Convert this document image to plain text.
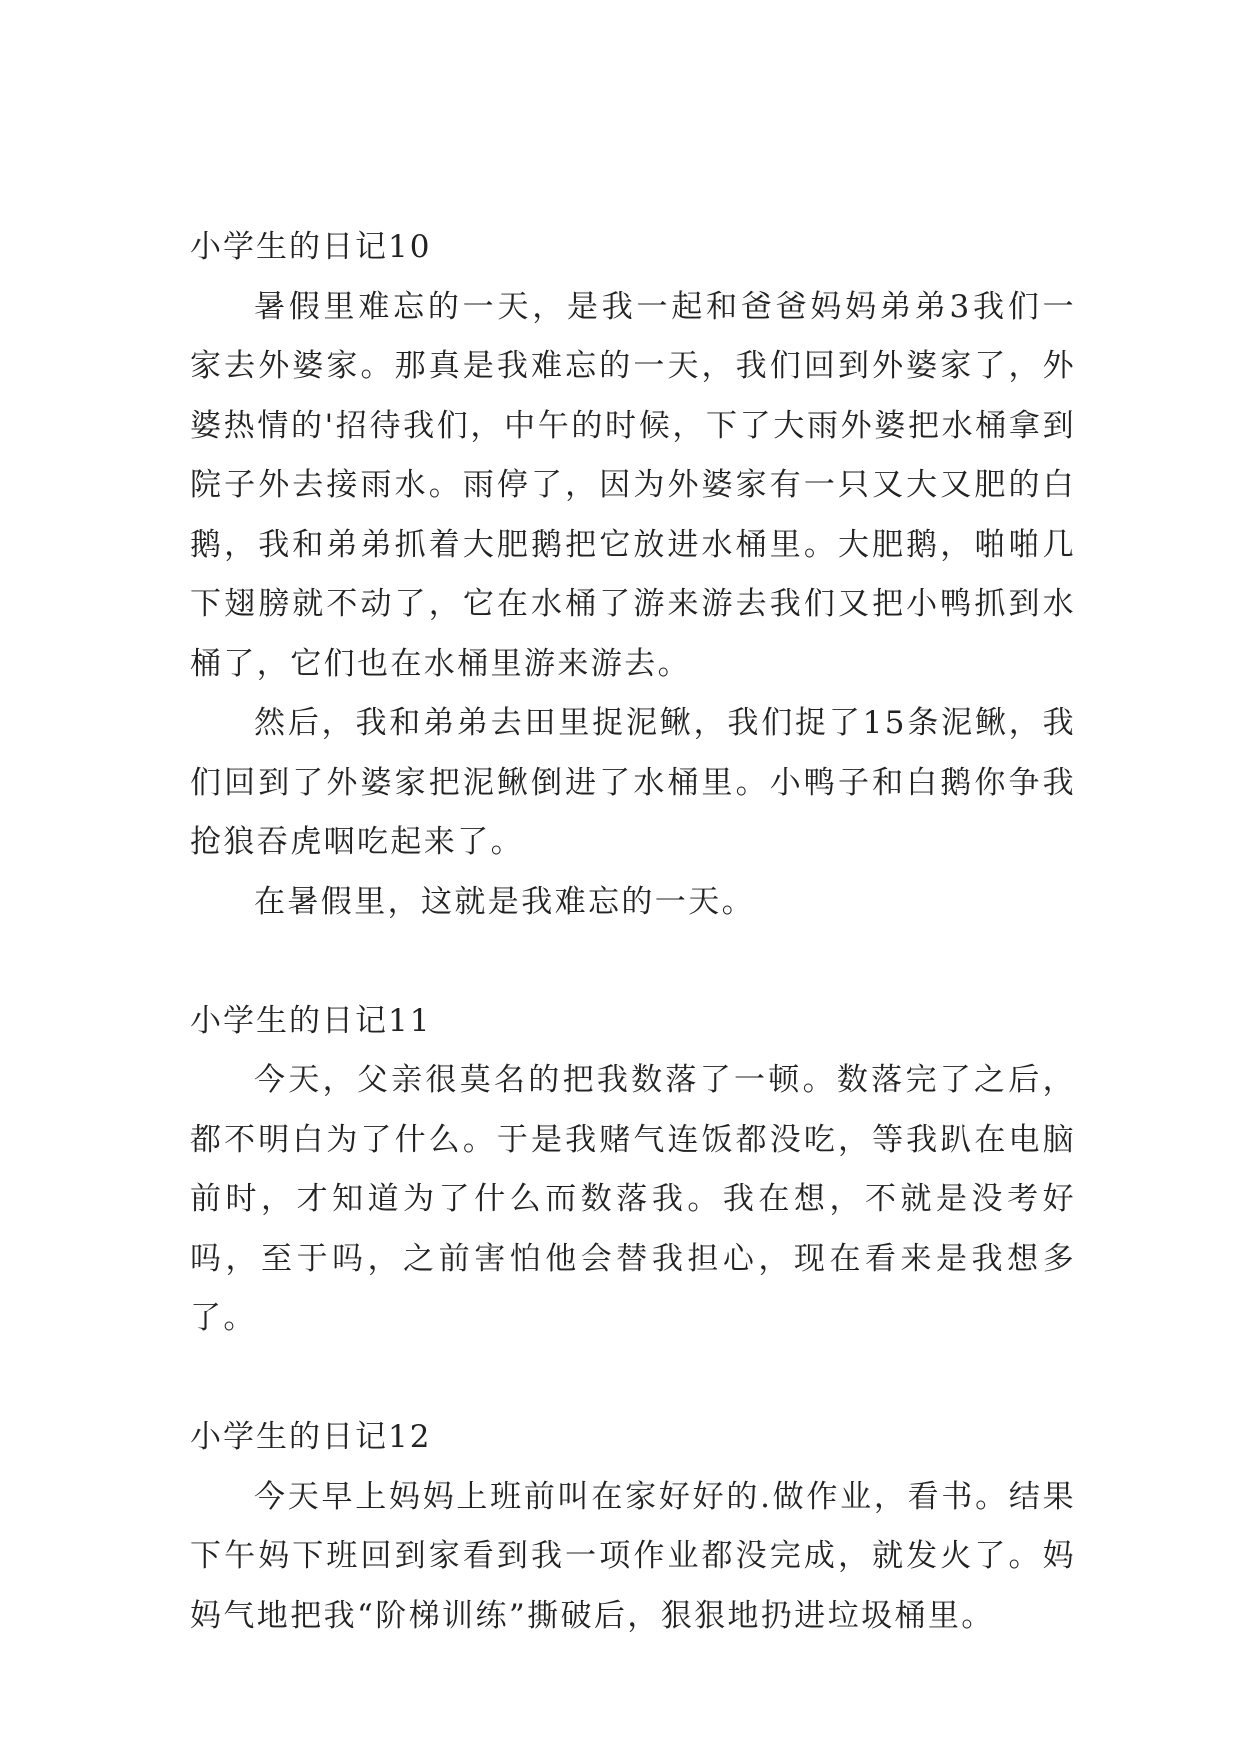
小学生的日记10

暑假里难忘的一天，是我一起和爸爸妈妈弟弟3我们一家去外婆家。那真是我难忘的一天，我们回到外婆家了，外婆热情的'招待我们，中午的时候，下了大雨外婆把水桶拿到院子外去接雨水。雨停了，因为外婆家有一只又大又肥的白鹅，我和弟弟抓着大肥鹅把它放进水桶里。大肥鹅，啪啪几下翅膀就不动了，它在水桶了游来游去我们又把小鸭抓到水桶了，它们也在水桶里游来游去。

然后，我和弟弟去田里捉泥鳅，我们捉了15条泥鳅，我们回到了外婆家把泥鳅倒进了水桶里。小鸭子和白鹅你争我抢狼吞虎咽吃起来了。

在暑假里，这就是我难忘的一天。

小学生的日记11

今天，父亲很莫名的把我数落了一顿。数落完了之后，都不明白为了什么。于是我赌气连饭都没吃，等我趴在电脑前时，才知道为了什么而数落我。我在想，不就是没考好吗，至于吗，之前害怕他会替我担心，现在看来是我想多了。

小学生的日记12

今天早上妈妈上班前叫在家好好的.做作业，看书。结果下午妈下班回到家看到我一项作业都没完成，就发火了。妈妈气地把我“阶梯训练”撕破后，狠狠地扔进垃圾桶里。
